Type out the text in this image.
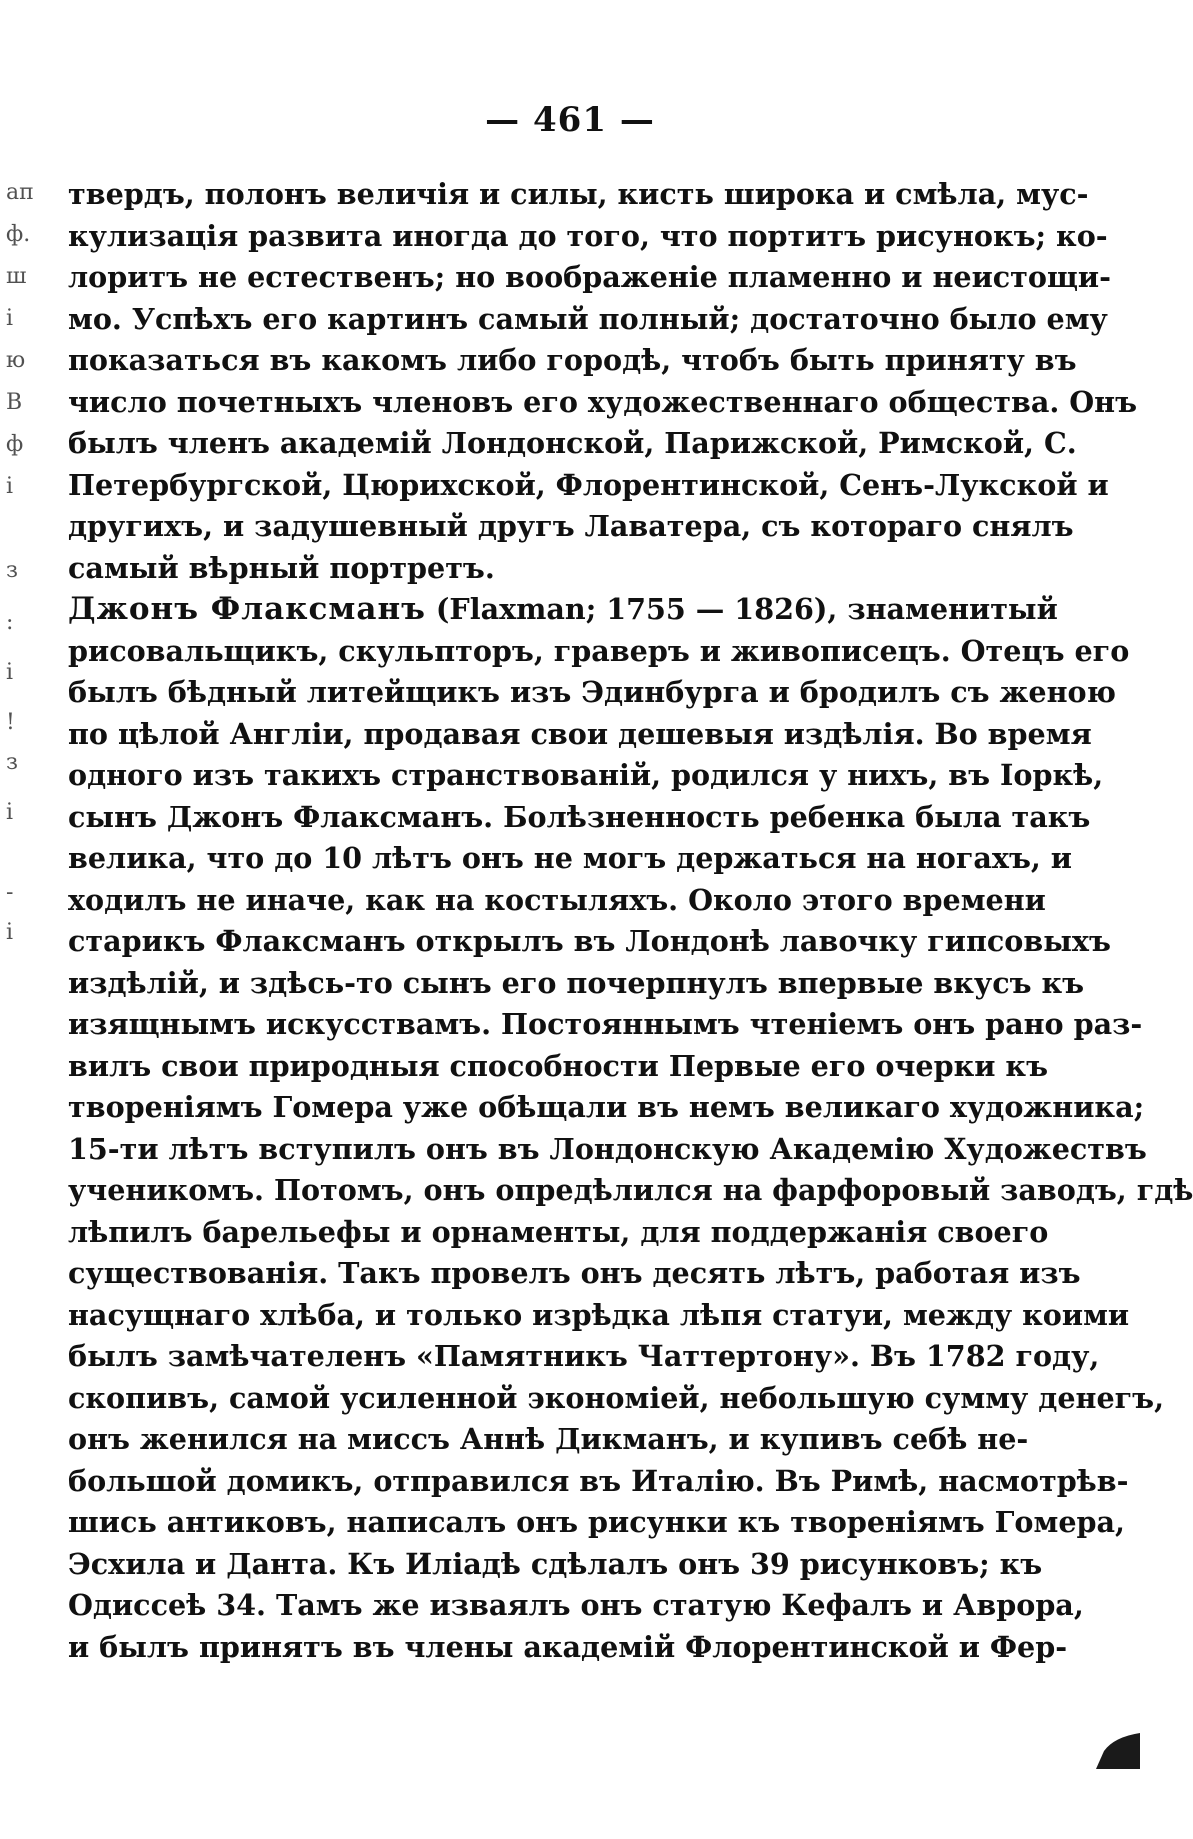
— 461 —
ап
ф.
ш
і
ю
В
ф
і
з
:
і
!
з
і
-
і
твердъ, полонъ величія и силы, кисть широка и смѣла, мус-
кулизація развита иногда до того, что портитъ рисунокъ; ко-
лоритъ не естественъ; но воображеніе пламенно и неистощи-
мо. Успѣхъ его картинъ самый полный; достаточно было ему
показаться въ какомъ либо городѣ, чтобъ быть приняту въ
число почетныхъ членовъ его художественнаго общества. Онъ
былъ членъ академій Лондонской, Парижской, Римской, С.
Петербургской, Цюрихской, Флорентинской, Сенъ-Лукской и
другихъ, и задушевный другъ Лаватера, съ котораго снялъ
самый вѣрный портретъ.
Джонъ Флаксманъ (Flaxman; 1755 — 1826), знаменитый
рисовальщикъ, скульпторъ, граверъ и живописецъ. Отецъ его
былъ бѣдный литейщикъ изъ Эдинбурга и бродилъ съ женою
по цѣлой Англіи, продавая свои дешевыя издѣлія. Во время
одного изъ такихъ странствованій, родился у нихъ, въ Іоркѣ,
сынъ Джонъ Флаксманъ. Болѣзненность ребенка была такъ
велика, что до 10 лѣтъ онъ не могъ держаться на ногахъ, и
ходилъ не иначе, как на костыляхъ. Около этого времени
старикъ Флаксманъ открылъ въ Лондонѣ лавочку гипсовыхъ
издѣлій, и здѣсь-то сынъ его почерпнулъ впервые вкусъ къ
изящнымъ искусствамъ. Постояннымъ чтеніемъ онъ рано раз-
вилъ свои природныя способности Первые его очерки къ
твореніямъ Гомера уже обѣщали въ немъ великаго художника;
15-ти лѣтъ вступилъ онъ въ Лондонскую Академію Художествъ
ученикомъ. Потомъ, онъ опредѣлился на фарфоровый заводъ, гдѣ
лѣпилъ барельефы и орнаменты, для поддержанія своего
существованія. Такъ провелъ онъ десять лѣтъ, работая изъ
насущнаго хлѣба, и только изрѣдка лѣпя статуи, между коими
былъ замѣчателенъ «Памятникъ Чаттертону». Въ 1782 году,
скопивъ, самой усиленной экономіей, небольшую сумму денегъ,
онъ женился на миссъ Аннѣ Дикманъ, и купивъ себѣ не-
большой домикъ, отправился въ Италію. Въ Римѣ, насмотрѣв-
шись антиковъ, написалъ онъ рисунки къ твореніямъ Гомера,
Эсхила и Данта. Къ Иліадѣ сдѣлалъ онъ 39 рисунковъ; къ
Одиссеѣ 34. Тамъ же изваялъ онъ статую Кефалъ и Аврора,
и былъ принятъ въ члены академій Флорентинской и Фер-
